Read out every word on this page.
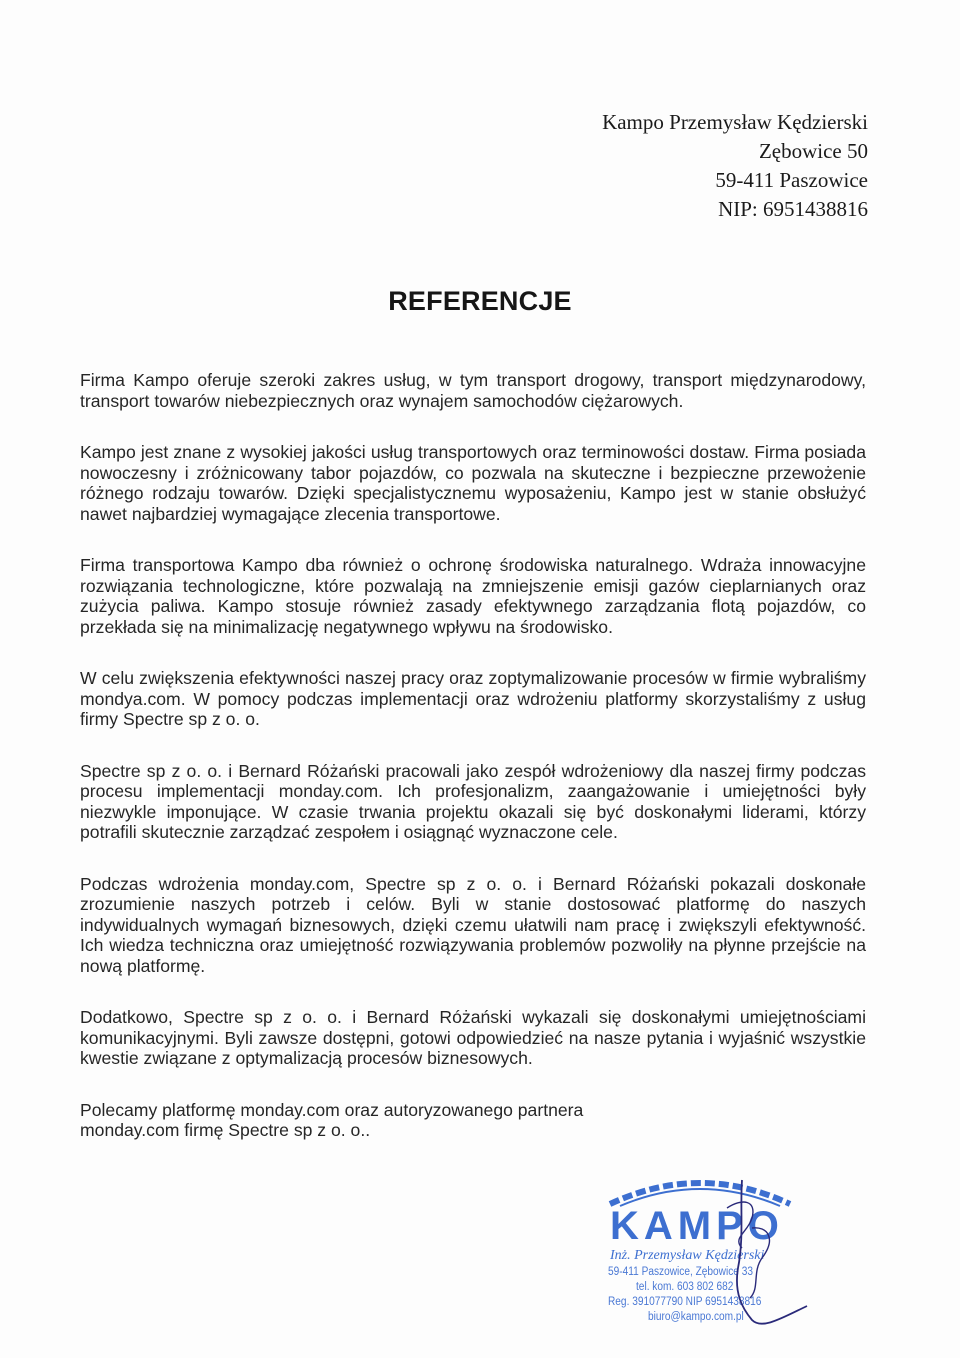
Kampo Przemysław Kędzierski
Zębowice 50
59-411 Paszowice
NIP: 6951438816
REFERENCJE

Firma Kampo oferuje szeroki zakres usług, w tym transport drogowy, transport międzynarodowy, transport towarów niebezpiecznych oraz wynajem samochodów ciężarowych.

Kampo jest znane z wysokiej jakości usług transportowych oraz terminowości dostaw. Firma posiada nowoczesny i zróżnicowany tabor pojazdów, co pozwala na skuteczne i bezpieczne przewożenie różnego rodzaju towarów. Dzięki specjalistycznemu wyposażeniu, Kampo jest w stanie obsłużyć nawet najbardziej wymagające zlecenia transportowe.

Firma transportowa Kampo dba również o ochronę środowiska naturalnego. Wdraża innowacyjne rozwiązania technologiczne, które pozwalają na zmniejszenie emisji gazów cieplarnianych oraz zużycia paliwa. Kampo stosuje również zasady efektywnego zarządzania flotą pojazdów, co przekłada się na minimalizację negatywnego wpływu na środowisko.

W celu zwiększenia efektywności naszej pracy oraz zoptymalizowanie procesów w firmie wybraliśmy mondya.com. W pomocy podczas implementacji oraz wdrożeniu platformy skorzystaliśmy z usług firmy Spectre sp z o. o.

Spectre sp z o. o. i Bernard Różański pracowali jako zespół wdrożeniowy dla naszej firmy podczas procesu implementacji monday.com. Ich profesjonalizm, zaangażowanie i umiejętności były niezwykle imponujące. W czasie trwania projektu okazali się być doskonałymi liderami, którzy potrafili skutecznie zarządzać zespołem i osiągnąć wyznaczone cele.

Podczas wdrożenia monday.com, Spectre sp z o. o. i Bernard Różański pokazali doskonałe zrozumienie naszych potrzeb i celów. Byli w stanie dostosować platformę do naszych indywidualnych wymagań biznesowych, dzięki czemu ułatwili nam pracę i zwiększyli efektywność. Ich wiedza techniczna oraz umiejętność rozwiązywania problemów pozwoliły na płynne przejście na nową platformę.

Dodatkowo, Spectre sp z o. o. i Bernard Różański wykazali się doskonałymi umiejętnościami komunikacyjnymi. Byli zawsze dostępni, gotowi odpowiedzieć na nasze pytania i wyjaśnić wszystkie kwestie związane z optymalizacją procesów biznesowych.

Polecamy platformę monday.com oraz autoryzowanego partnera monday.com firmę Spectre sp z o. o..

KAMPO
Inż. Przemysław Kędzierski
59-411 Paszowice, Zębowice 33
tel. kom. 603 802 682
Reg. 391077790 NIP 6951438816
biuro@kampo.com.pl
